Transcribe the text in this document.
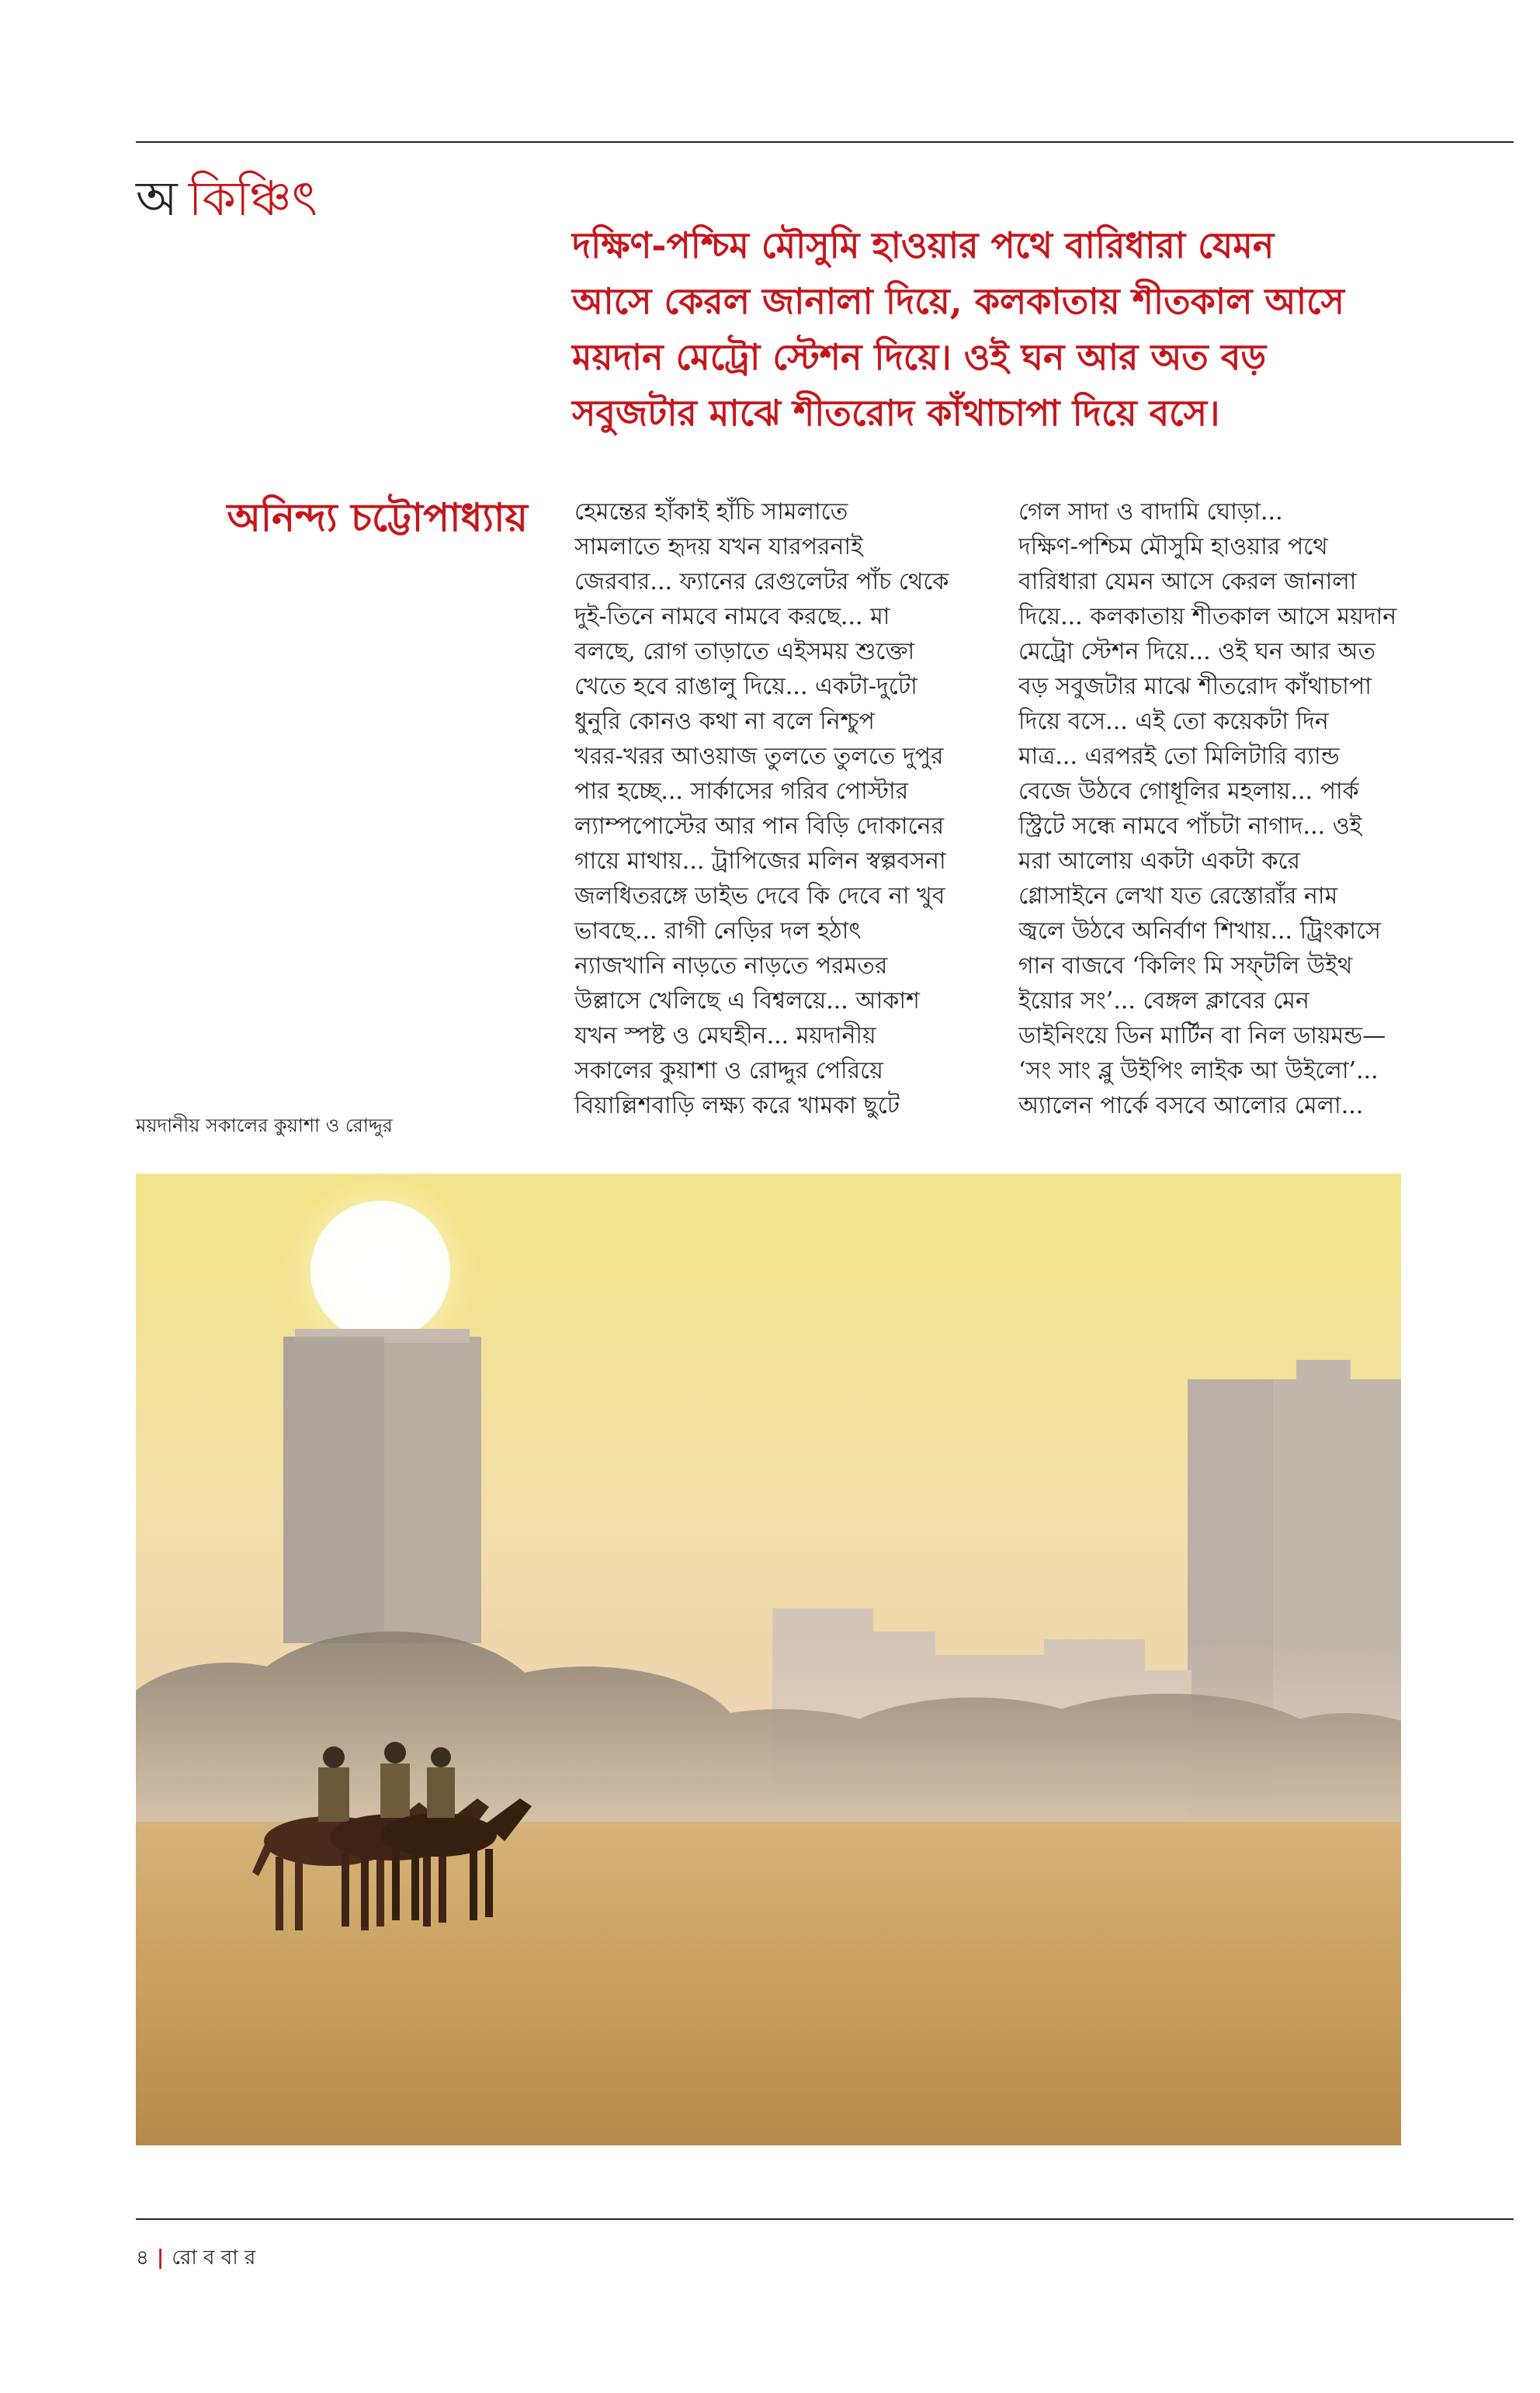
অ কিঞ্চিৎ
দক্ষিণ-পশ্চিম মৌসুমি হাওয়ার পথে বারিধারা যেমন
আসে কেরল জানালা দিয়ে, কলকাতায় শীতকাল আসে
ময়দান মেট্রো স্টেশন দিয়ে। ওই ঘন আর অত বড়
সবুজটার মাঝে শীতরোদ কাঁথাচাপা দিয়ে বসে।
অনিন্দ্য চট্টোপাধ্যায় হেমন্তের হাঁকাই হাঁচি সামলাতে
সামলাতে হৃদয় যখন যারপরনাই
জেরবার... ফ্যানের রেগুলেটর পাঁচ থেকে
দুই-তিনে নামবে নামবে করছে... মা
বলছে, রোগ তাড়াতে এইসময় শুক্তো
খেতে হবে রাঙালু দিয়ে... একটা-দুটো
ধুনুরি কোনও কথা না বলে নিশ্চুপ
খরর-খরর আওয়াজ তুলতে তুলতে দুপুর
পার হচ্ছে... সার্কাসের গরিব পোস্টার
ল্যাম্পপোস্টের আর পান বিড়ি দোকানের
গায়ে মাথায়... ট্রাপিজের মলিন স্বল্পবসনা
জলধিতরঙ্গে ডাইভ দেবে কি দেবে না খুব
ভাবছে... রাগী নেড়ির দল হঠাৎ
ন্যাজখানি নাড়তে নাড়তে পরমতর
উল্লাসে খেলিছে এ বিশ্বলয়ে... আকাশ
যখন স্পষ্ট ও মেঘহীন... ময়দানীয়
সকালের কুয়াশা ও রোদ্দুর পেরিয়ে
বিয়াল্লিশবাড়ি লক্ষ্য করে খামকা ছুটে
গেল সাদা ও বাদামি ঘোড়া...
দক্ষিণ-পশ্চিম মৌসুমি হাওয়ার পথে
বারিধারা যেমন আসে কেরল জানালা
দিয়ে... কলকাতায় শীতকাল আসে ময়দান
মেট্রো স্টেশন দিয়ে... ওই ঘন আর অত
বড় সবুজটার মাঝে শীতরোদ কাঁথাচাপা
দিয়ে বসে... এই তো কয়েকটা দিন
মাত্র... এরপরই তো মিলিটারি ব্যান্ড
বেজে উঠবে গোধূলির মহলায়... পার্ক
স্ট্রিটে সন্ধে নামবে পাঁচটা নাগাদ... ওই
মরা আলোয় একটা একটা করে
গ্লোসাইনে লেখা যত রেস্তোরাঁর নাম
জ্বলে উঠবে অনির্বাণ শিখায়... ট্রিংকাসে
গান বাজবে ‘কিলিং মি সফ্‌টলি উইথ
ইয়োর সং’... বেঙ্গল ক্লাবের মেন
ডাইনিংয়ে ডিন মার্টিন বা নিল ডায়মন্ড—
‘সং সাং ব্লু উইপিং লাইক আ উইলো’...
অ্যালেন পার্কে বসবে আলোর মেলা...
ময়দানীয় সকালের কুয়াশা ও রোদ্দুর
৪ | রো ব বা র
